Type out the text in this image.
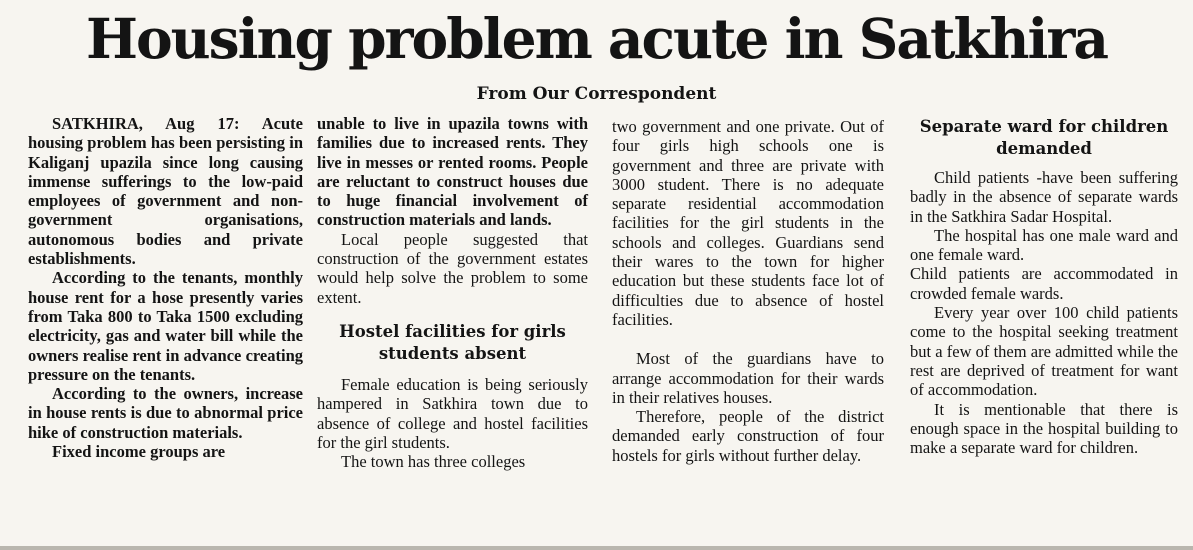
Housing problem acute in Satkhira
From Our Correspondent

SATKHIRA, Aug 17: Acute housing problem has been persisting in Kaliganj upazila since long causing immense sufferings to the low-paid employees of government and non-government organisations, autonomous bodies and private establishments.

According to the tenants, monthly house rent for a hose presently varies from Taka 800 to Taka 1500 excluding electricity, gas and water bill while the owners realise rent in advance creating pressure on the tenants.

According to the owners, increase in house rents is due to abnormal price hike of construction materials.

Fixed income groups are

unable to live in upazila towns with families due to increased rents. They live in messes or rented rooms. People are reluctant to construct houses due to huge financial involvement of construction materials and lands.

Local people suggested that construction of the government estates would help solve the problem to some extent.

Hostel facilities for girls students absent

Female education is being seriously hampered in Satkhira town due to absence of college and hostel facilities for the girl students.

The town has three colleges

two government and one private. Out of four girls high schools one is government and three are private with 3000 student. There is no adequate separate residential accommodation facilities for the girl students in the schools and colleges. Guardians send their wares to the town for higher education but these students face lot of difficulties due to absence of hostel facilities.

Most of the guardians have to arrange accommodation for their wards in their relatives houses.

Therefore, people of the district demanded early construction of four hostels for girls without further delay.

Separate ward for children demanded

Child patients -have been suffering badly in the absence of separate wards in the Satkhira Sadar Hospital.

The hospital has one male ward and one female ward.

Child patients are accommodated in crowded female wards.

Every year over 100 child patients come to the hospital seeking treatment but a few of them are admitted while the rest are deprived of treatment for want of accommodation.

It is mentionable that there is enough space in the hospital building to make a separate ward for children.
